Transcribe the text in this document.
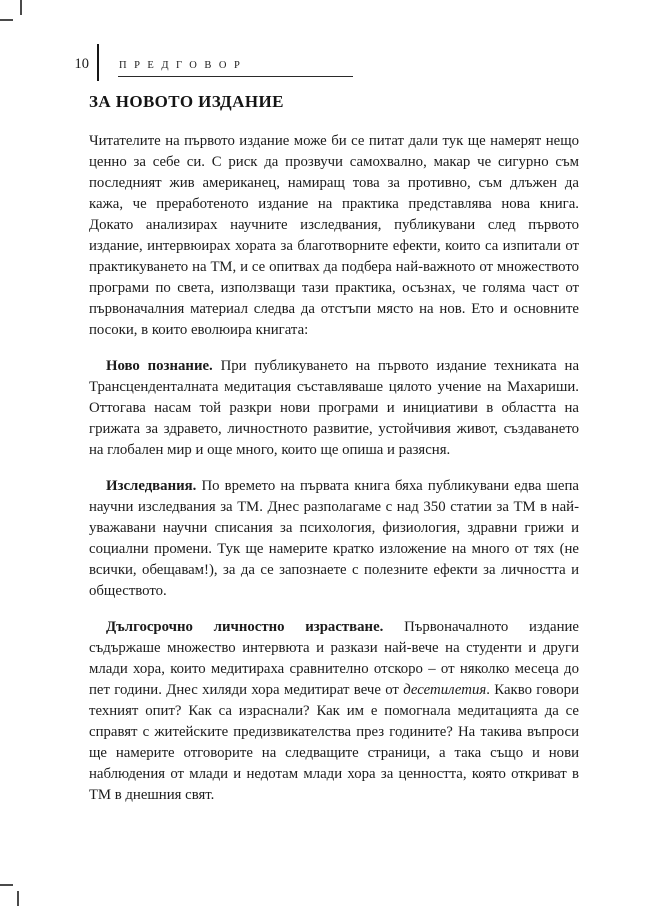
10	ПРЕДГОВОР
ЗА НОВОТО ИЗДАНИЕ

Читателите на първото издание може би се питат дали тук ще намерят нещо ценно за себе си. С риск да прозвучи самохвално, макар че сигурно съм последният жив американец, намиращ това за противно, съм длъжен да кажа, че преработеното издание на практика представлява нова книга. Докато анализирах научните изследвания, публикувани след първото издание, интервюирах хората за благотворните ефекти, които са изпитали от практикуването на ТМ, и се опитвах да подбера най-важното от множеството програми по света, използващи тази практика, осъзнах, че голяма част от първоначалния материал следва да отстъпи място на нов. Ето и основните посоки, в които еволюира книгата:

Ново познание. При публикуването на първото издание техниката на Трансценденталната медитация съставляваше цялото учение на Махариши. Оттогава насам той разкри нови програми и инициативи в областта на грижата за здравето, личностното развитие, устойчивия живот, създаването на глобален мир и още много, които ще опиша и разясня.

Изследвания. По времето на първата книга бяха публикувани едва шепа научни изследвания за ТМ. Днес разполагаме с над 350 статии за ТМ в най-уважавани научни списания за психология, физиология, здравни грижи и социални промени. Тук ще намерите кратко изложение на много от тях (не всички, обещавам!), за да се запознаете с полезните ефекти за личността и обществото.

Дългосрочно личностно израстване. Първоначалното издание съдържаше множество интервюта и разкази най-вече на студенти и други млади хора, които медитираха сравнително отскоро – от няколко месеца до пет години. Днес хиляди хора медитират вече от десетилетия. Какво говори техният опит? Как са израснали? Как им е помогнала медитацията да се справят с житейските предизвикателства през годините? На такива въпроси ще намерите отговорите на следващите страници, а така също и нови наблюдения от млади и недотам млади хора за ценността, която откриват в ТМ в днешния свят.
